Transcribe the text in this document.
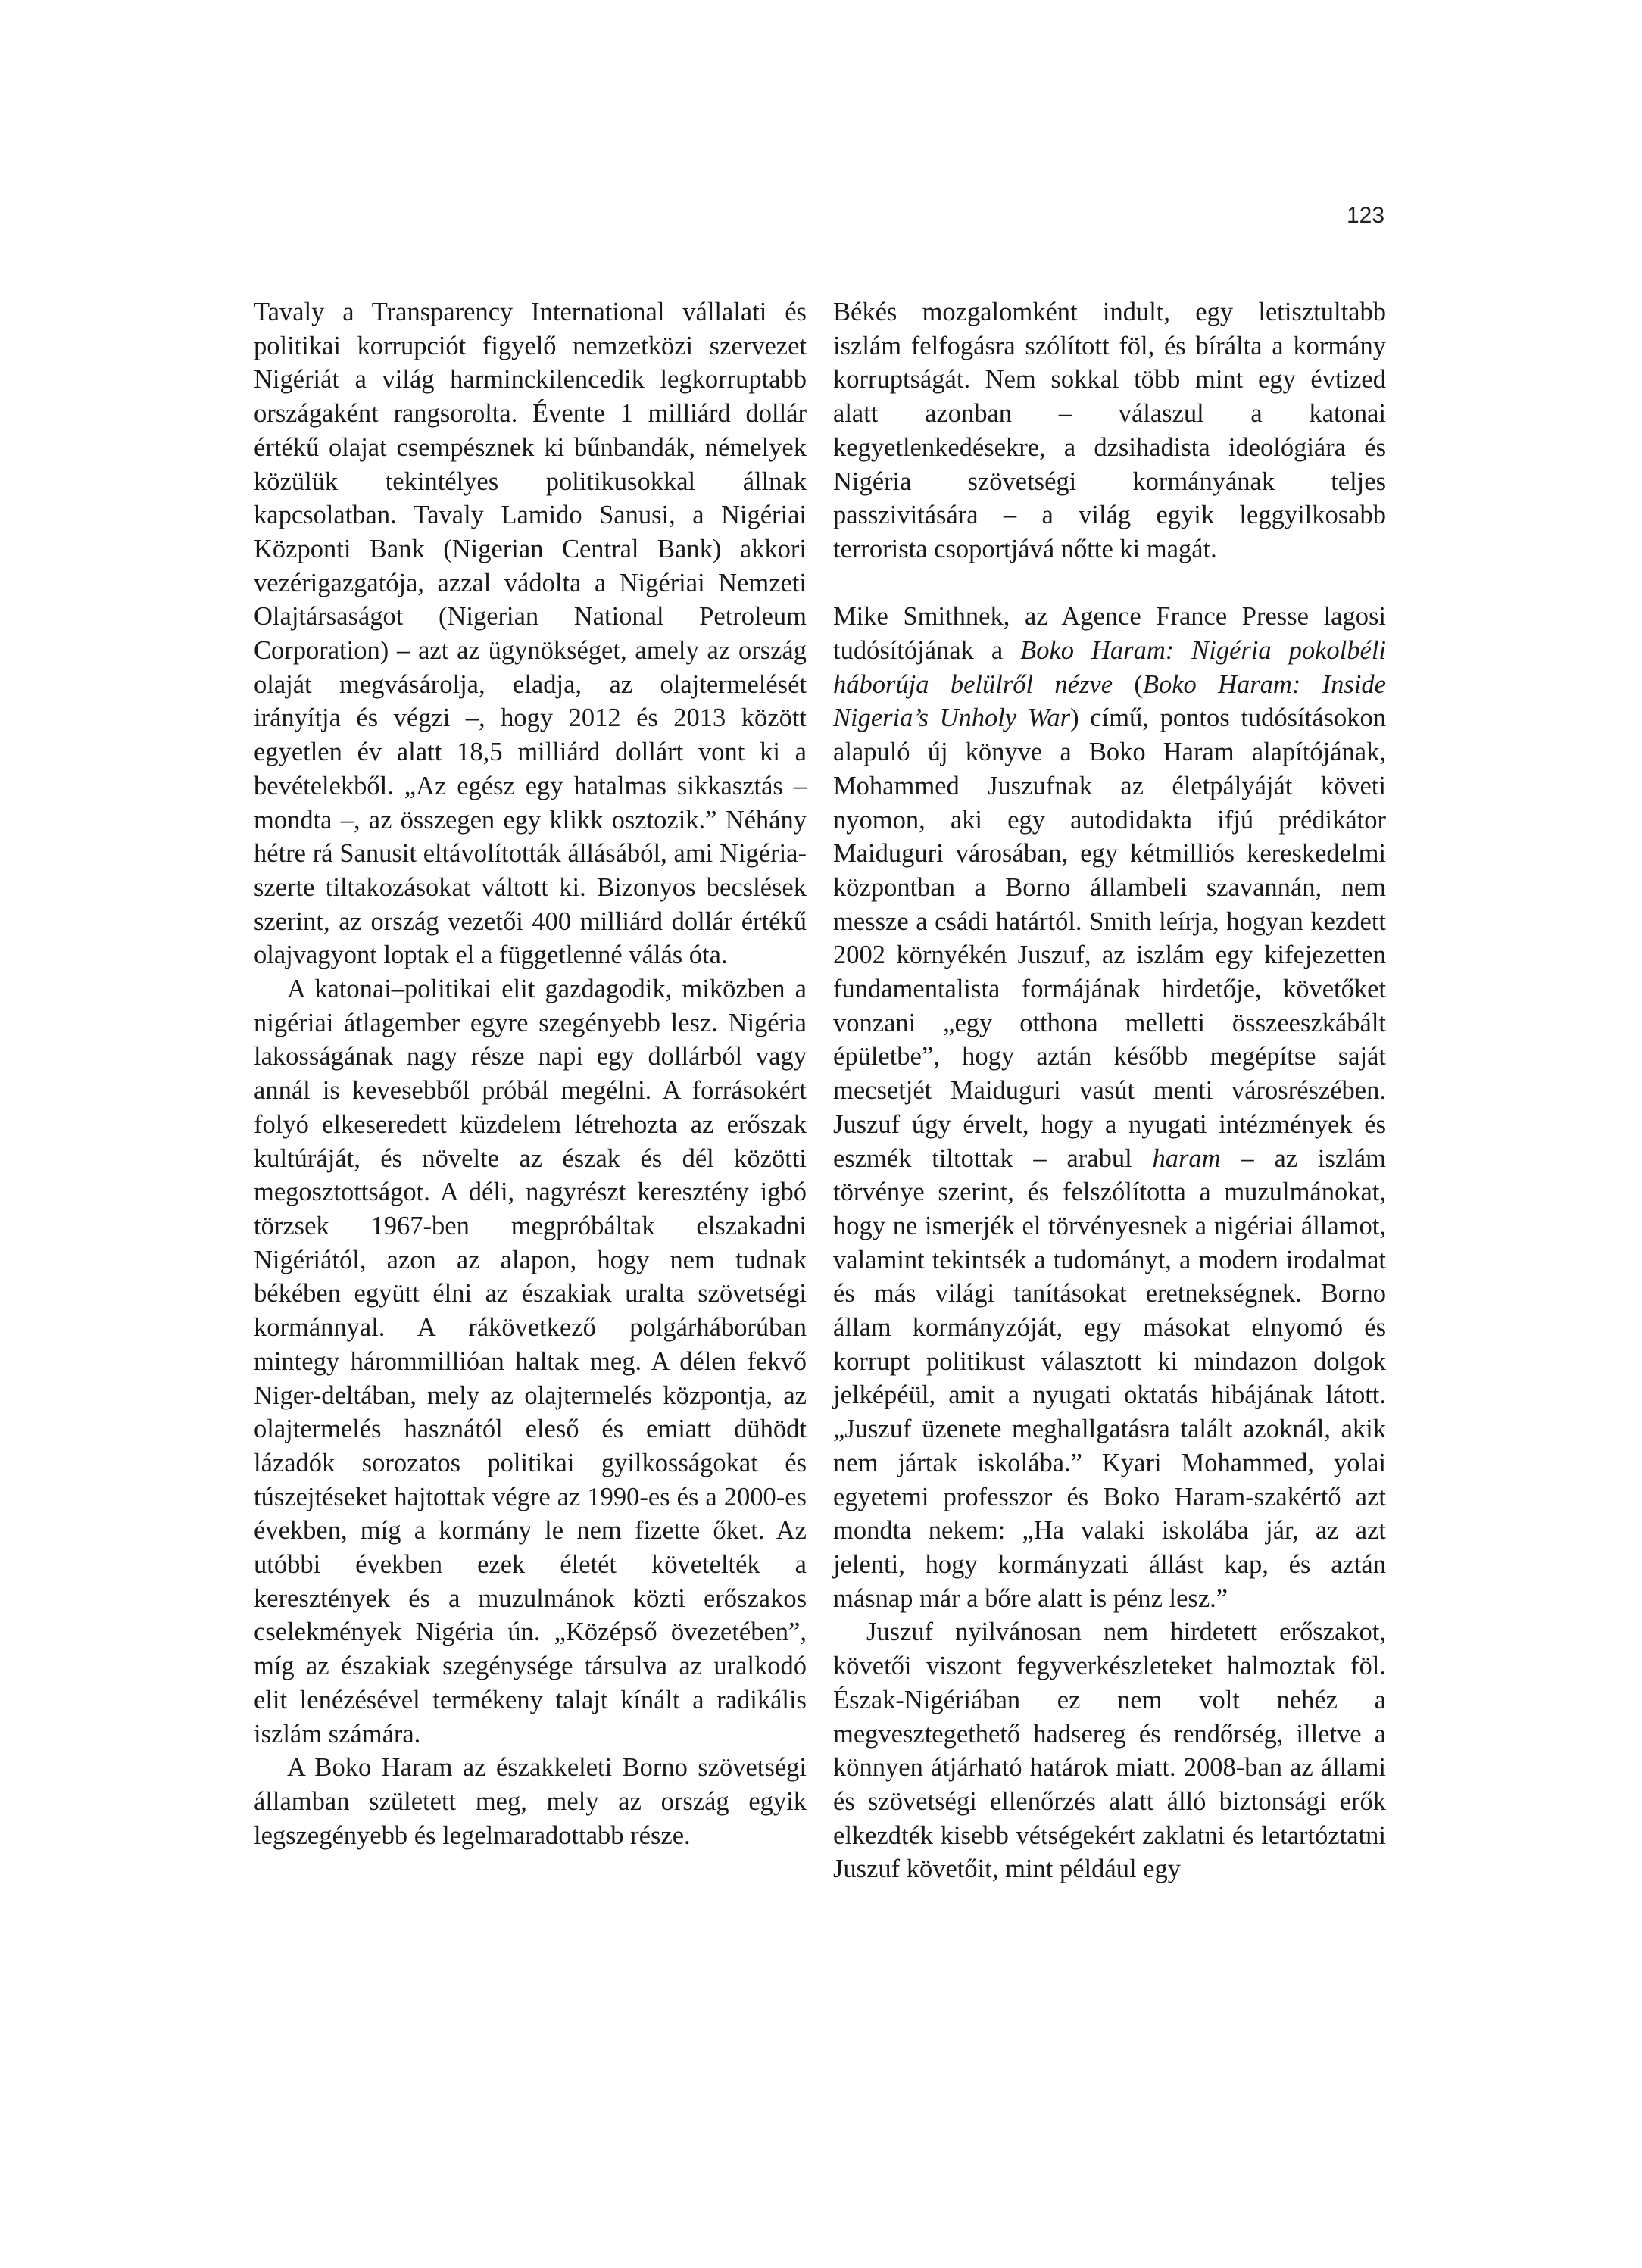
123

Tavaly a Transparency International vállalati és politikai korrupciót figyelő nemzetközi szervezet Nigériát a világ harminckilencedik legkorruptabb országaként rangsorolta. Évente 1 milliárd dollár értékű olajat csempésznek ki bűnbandák, némelyek közülük tekintélyes politikusokkal állnak kapcsolatban. Tavaly Lamido Sanusi, a Nigériai Központi Bank (Nigerian Central Bank) akkori vezérigazgatója, azzal vádolta a Nigériai Nemzeti Olajtársaságot (Nigerian National Petroleum Corporation) – azt az ügynökséget, amely az ország olaját megvásárolja, eladja, az olajtermelését irányítja és végzi –, hogy 2012 és 2013 között egyetlen év alatt 18,5 milliárd dollárt vont ki a bevételekből. „Az egész egy hatalmas sikkasztás – mondta –, az összegen egy klikk osztozik.” Néhány hétre rá Sanusit eltávolították állásából, ami Nigéria-szerte tiltakozásokat váltott ki. Bizonyos becslések szerint, az ország vezetői 400 milliárd dollár értékű olajvagyont loptak el a függetlenné válás óta.

A katonai–politikai elit gazdagodik, miközben a nigériai átlagember egyre szegényebb lesz. Nigéria lakosságának nagy része napi egy dollárból vagy annál is kevesebből próbál megélni. A forrásokért folyó elkeseredett küzdelem létrehozta az erőszak kultúráját, és növelte az észak és dél közötti megosztottságot. A déli, nagyrészt keresztény igbó törzsek 1967-ben megpróbáltak elszakadni Nigériától, azon az alapon, hogy nem tudnak békében együtt élni az északiak uralta szövetségi kormánnyal. A rákövetkező polgárháborúban mintegy hárommillióan haltak meg. A délen fekvő Niger-deltában, mely az olajtermelés központja, az olajtermelés hasznától eleső és emiatt dühödt lázadók sorozatos politikai gyilkosságokat és túszejtéseket hajtottak végre az 1990-es és a 2000-es években, míg a kormány le nem fizette őket. Az utóbbi években ezek életét követelték a keresztények és a muzulmánok közti erőszakos cselekmények Nigéria ún. „Középső övezetében”, míg az északiak szegénysége társulva az uralkodó elit lenézésével termékeny talajt kínált a radikális iszlám számára.

A Boko Haram az északkeleti Borno szövetségi államban született meg, mely az ország egyik legszegényebb és legelmaradottabb része.

Békés mozgalomként indult, egy letisztultabb iszlám felfogásra szólított föl, és bírálta a kormány korruptságát. Nem sokkal több mint egy évtized alatt azonban – válaszul a katonai kegyetlenkedésekre, a dzsihadista ideológiára és Nigéria szövetségi kormányának teljes passzivitására – a világ egyik leggyilkosabb terrorista csoportjává nőtte ki magát.

Mike Smithnek, az Agence France Presse lagosi tudósítójának a Boko Haram: Nigéria pokolbéli háborúja belülről nézve (Boko Haram: Inside Nigeria’s Unholy War) című, pontos tudósításokon alapuló új könyve a Boko Haram alapítójának, Mohammed Juszufnak az életpályáját követi nyomon, aki egy autodidakta ifjú prédikátor Maiduguri városában, egy kétmilliós kereskedelmi központban a Borno állambeli szavannán, nem messze a csádi határtól. Smith leírja, hogyan kezdett 2002 környékén Juszuf, az iszlám egy kifejezetten fundamentalista formájának hirdetője, követőket vonzani „egy otthona melletti összeeszkábált épületbe”, hogy aztán később megépítse saját mecsetjét Maiduguri vasút menti városrészében. Juszuf úgy érvelt, hogy a nyugati intézmények és eszmék tiltottak – arabul haram – az iszlám törvénye szerint, és felszólította a muzulmánokat, hogy ne ismerjék el törvényesnek a nigériai államot, valamint tekintsék a tudományt, a modern irodalmat és más világi tanításokat eretnekségnek. Borno állam kormányzóját, egy másokat elnyomó és korrupt politikust választott ki mindazon dolgok jelképéül, amit a nyugati oktatás hibájának látott. „Juszuf üzenete meghallgatásra talált azoknál, akik nem jártak iskolába.” Kyari Mohammed, yolai egyetemi professzor és Boko Haram-szakértő azt mondta nekem: „Ha valaki iskolába jár, az azt jelenti, hogy kormányzati állást kap, és aztán másnap már a bőre alatt is pénz lesz.”

Juszuf nyilvánosan nem hirdetett erőszakot, követői viszont fegyverkészleteket halmoztak föl. Észak-Nigériában ez nem volt nehéz a megvesztegethető hadsereg és rendőrség, illetve a könnyen átjárható határok miatt. 2008-ban az állami és szövetségi ellenőrzés alatt álló biztonsági erők elkezdték kisebb vétségekért zaklatni és letartóztatni Juszuf követőit, mint például egy
